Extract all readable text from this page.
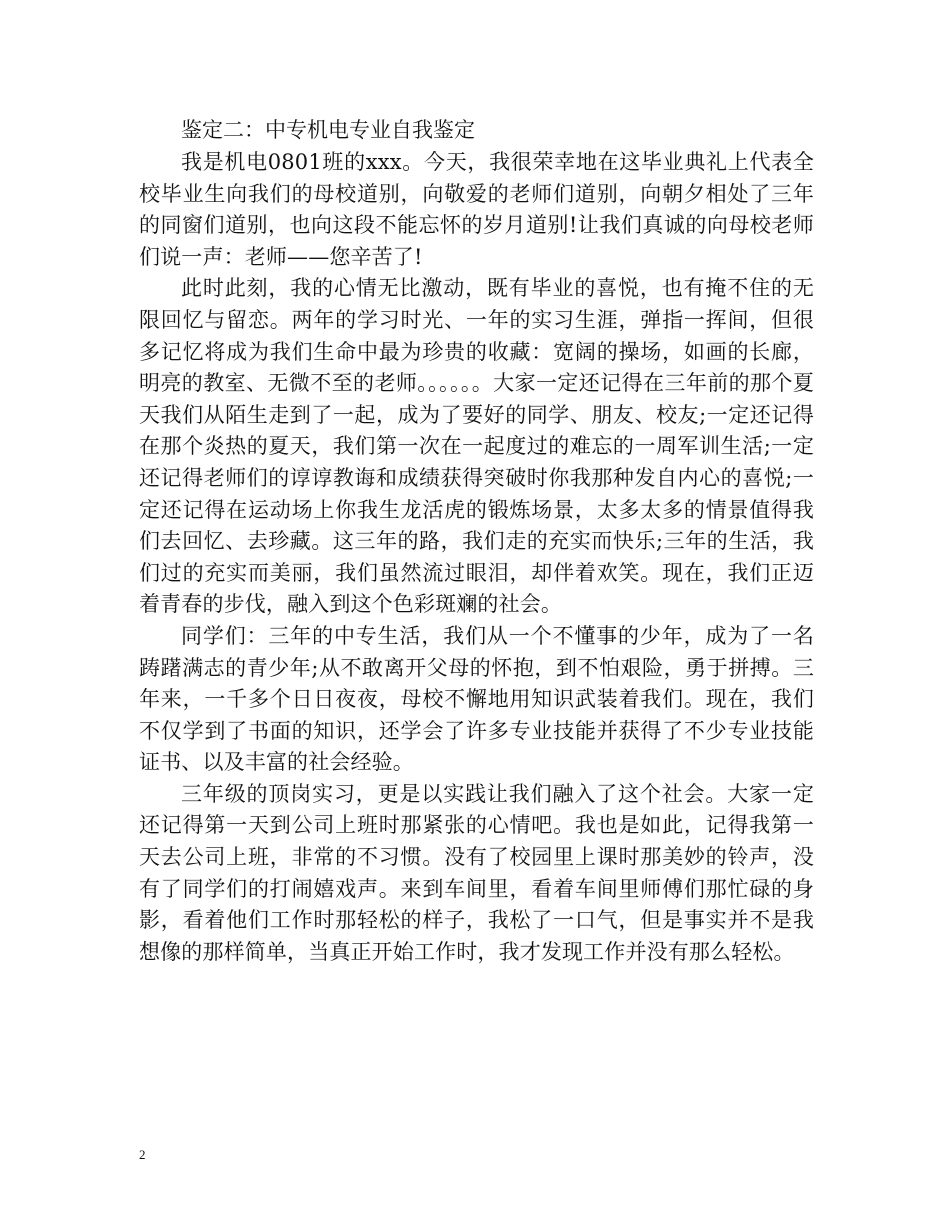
鉴定二：中专机电专业自我鉴定

我是机电0801班的xxx。今天，我很荣幸地在这毕业典礼上代表全校毕业生向我们的母校道别，向敬爱的老师们道别，向朝夕相处了三年的同窗们道别，也向这段不能忘怀的岁月道别!让我们真诚的向母校老师们说一声：老师——您辛苦了!

此时此刻，我的心情无比激动，既有毕业的喜悦，也有掩不住的无限回忆与留恋。两年的学习时光、一年的实习生涯，弹指一挥间，但很多记忆将成为我们生命中最为珍贵的收藏：宽阔的操场，如画的长廊，明亮的教室、无微不至的老师。。。。。。大家一定还记得在三年前的那个夏天我们从陌生走到了一起，成为了要好的同学、朋友、校友;一定还记得在那个炎热的夏天，我们第一次在一起度过的难忘的一周军训生活;一定还记得老师们的谆谆教诲和成绩获得突破时你我那种发自内心的喜悦;一定还记得在运动场上你我生龙活虎的锻炼场景，太多太多的情景值得我们去回忆、去珍藏。这三年的路，我们走的充实而快乐;三年的生活，我们过的充实而美丽，我们虽然流过眼泪，却伴着欢笑。现在，我们正迈着青春的步伐，融入到这个色彩斑斓的社会。

同学们：三年的中专生活，我们从一个不懂事的少年，成为了一名踌躇满志的青少年;从不敢离开父母的怀抱，到不怕艰险，勇于拼搏。三年来，一千多个日日夜夜，母校不懈地用知识武装着我们。现在，我们不仅学到了书面的知识，还学会了许多专业技能并获得了不少专业技能证书、以及丰富的社会经验。

三年级的顶岗实习，更是以实践让我们融入了这个社会。大家一定还记得第一天到公司上班时那紧张的心情吧。我也是如此，记得我第一天去公司上班，非常的不习惯。没有了校园里上课时那美妙的铃声，没有了同学们的打闹嬉戏声。来到车间里，看着车间里师傅们那忙碌的身影，看着他们工作时那轻松的样子，我松了一口气，但是事实并不是我想像的那样简单，当真正开始工作时，我才发现工作并没有那么轻松。

2
